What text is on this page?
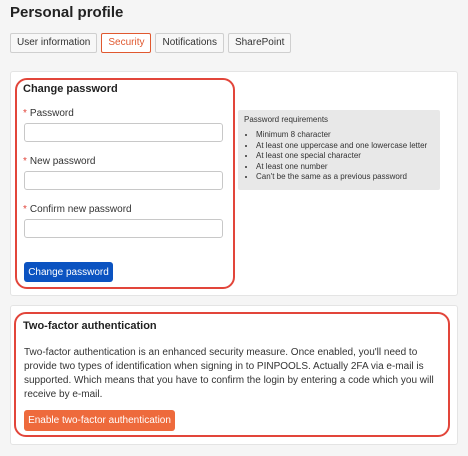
Personal profile
User information	Security	Notifications	SharePoint
Change password
* Password
* New password
* Confirm new password
Change password
Password requirements
• Minimum 8 character
• At least one uppercase and one lowercase letter
• At least one special character
• At least one number
• Can't be the same as a previous password
Two-factor authentication
Two-factor authentication is an enhanced security measure. Once enabled, you'll need to provide two types of identification when signing in to PINPOOLS. Actually 2FA via e-mail is supported. Which means that you have to confirm the login by entering a code which you will receive by e-mail.
Enable two-factor authentication
